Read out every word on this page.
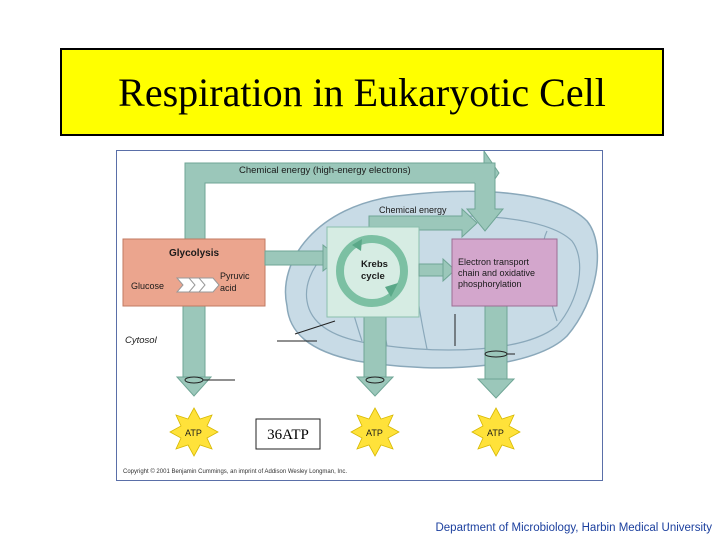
Respiration in Eukaryotic Cell
Chemical energy (high-energy electrons)
Chemical energy
Glycolysis
Glucose
Pyruvic
acid
Krebs
cycle
Electron transport
chain and oxidative
phosphorylation
Cytosol
ATP	ATP	ATP
36ATP
Copyright © 2001 Benjamin Cummings, an imprint of Addison Wesley Longman, Inc.
Department of Microbiology, Harbin Medical University
